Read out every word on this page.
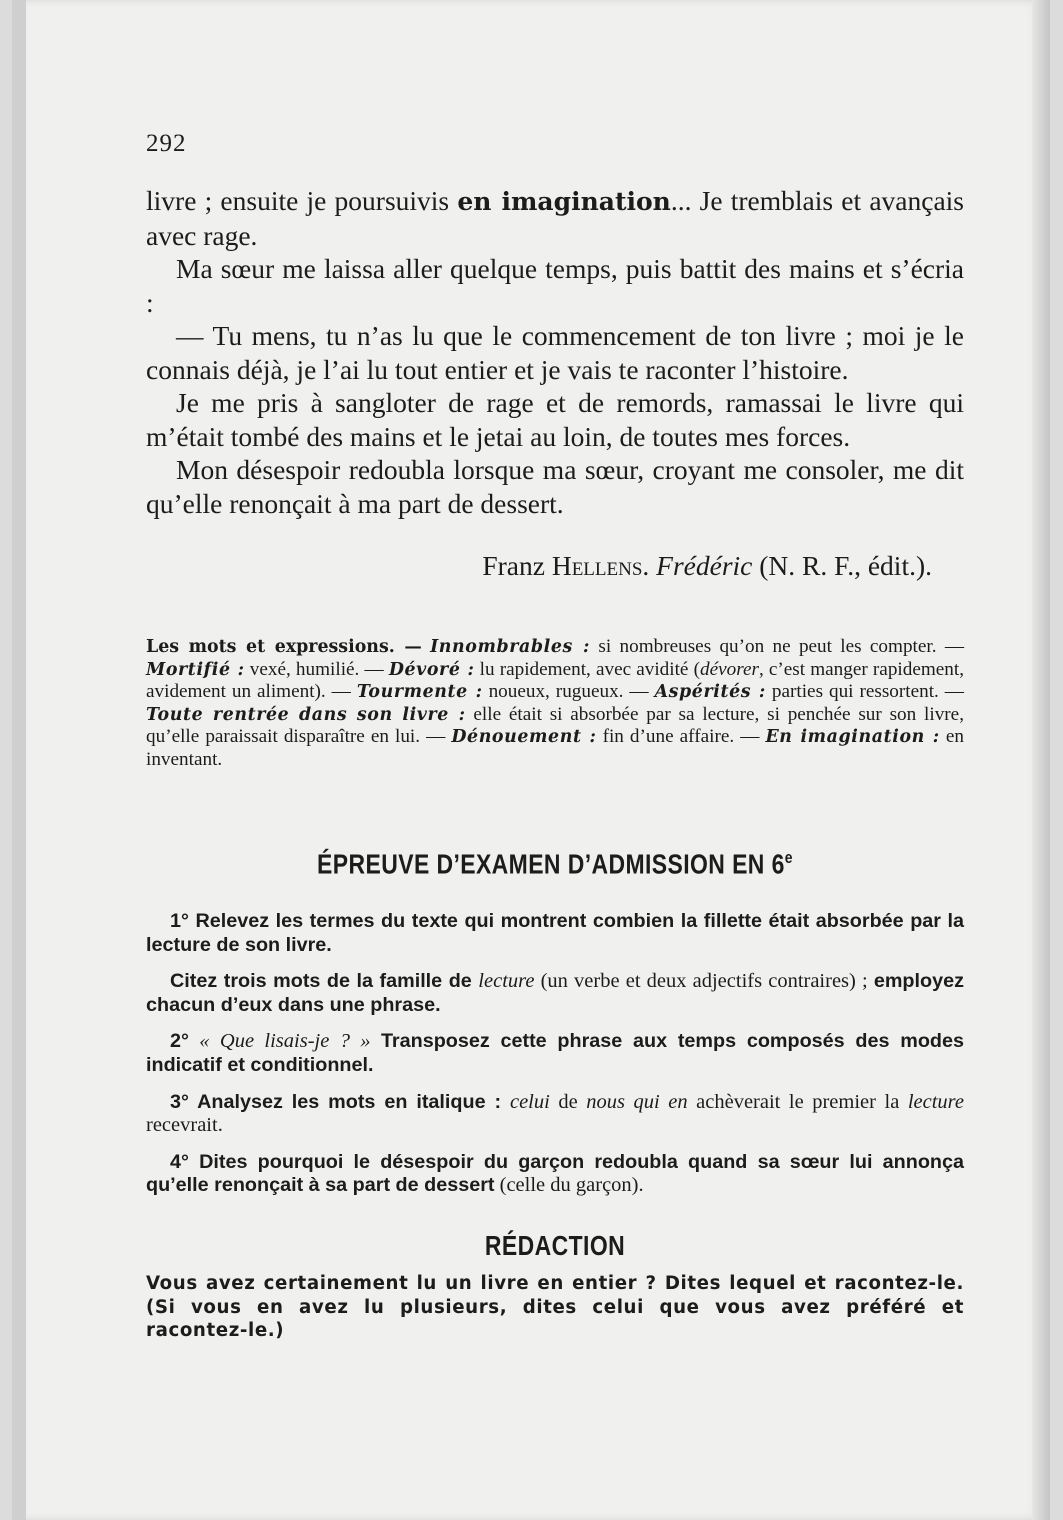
292

livre ; ensuite je poursuivis en imagination... Je tremblais et avançais avec rage.

Ma sœur me laissa aller quelque temps, puis battit des mains et s’écria :

— Tu mens, tu n’as lu que le commencement de ton livre ; moi je le connais déjà, je l’ai lu tout entier et je vais te raconter l’histoire.

Je me pris à sangloter de rage et de remords, ramassai le livre qui m’était tombé des mains et le jetai au loin, de toutes mes forces.

Mon désespoir redoubla lorsque ma sœur, croyant me consoler, me dit qu’elle renonçait à ma part de dessert.

Franz Hellens. Frédéric (N. R. F., édit.).
Les mots et expressions. — Innombrables : si nombreuses qu’on ne peut les compter. — Mortifié : vexé, humilié. — Dévoré : lu rapidement, avec avidité (dévorer, c’est manger rapidement, avidement un aliment). — Tourmente : noueux, rugueux. — Aspérités : parties qui ressortent. — Toute rentrée dans son livre : elle était si absorbée par sa lecture, si penchée sur son livre, qu’elle paraissait disparaître en lui. — Dénouement : fin d’une affaire. — En imagination : en inventant.
ÉPREUVE D’EXAMEN D’ADMISSION EN 6e

1° Relevez les termes du texte qui montrent combien la fillette était absorbée par la lecture de son livre.

Citez trois mots de la famille de lecture (un verbe et deux adjectifs contraires) ; employez chacun d’eux dans une phrase.

2° « Que lisais-je ? » Transposez cette phrase aux temps composés des modes indicatif et conditionnel.

3° Analysez les mots en italique : celui de nous qui en achèverait le premier la lecture recevrait.

4° Dites pourquoi le désespoir du garçon redoubla quand sa sœur lui annonça qu’elle renonçait à sa part de dessert (celle du garçon).

RÉDACTION
Vous avez certainement lu un livre en entier ? Dites lequel et racontez-le. (Si vous en avez lu plusieurs, dites celui que vous avez préféré et racontez-le.)
